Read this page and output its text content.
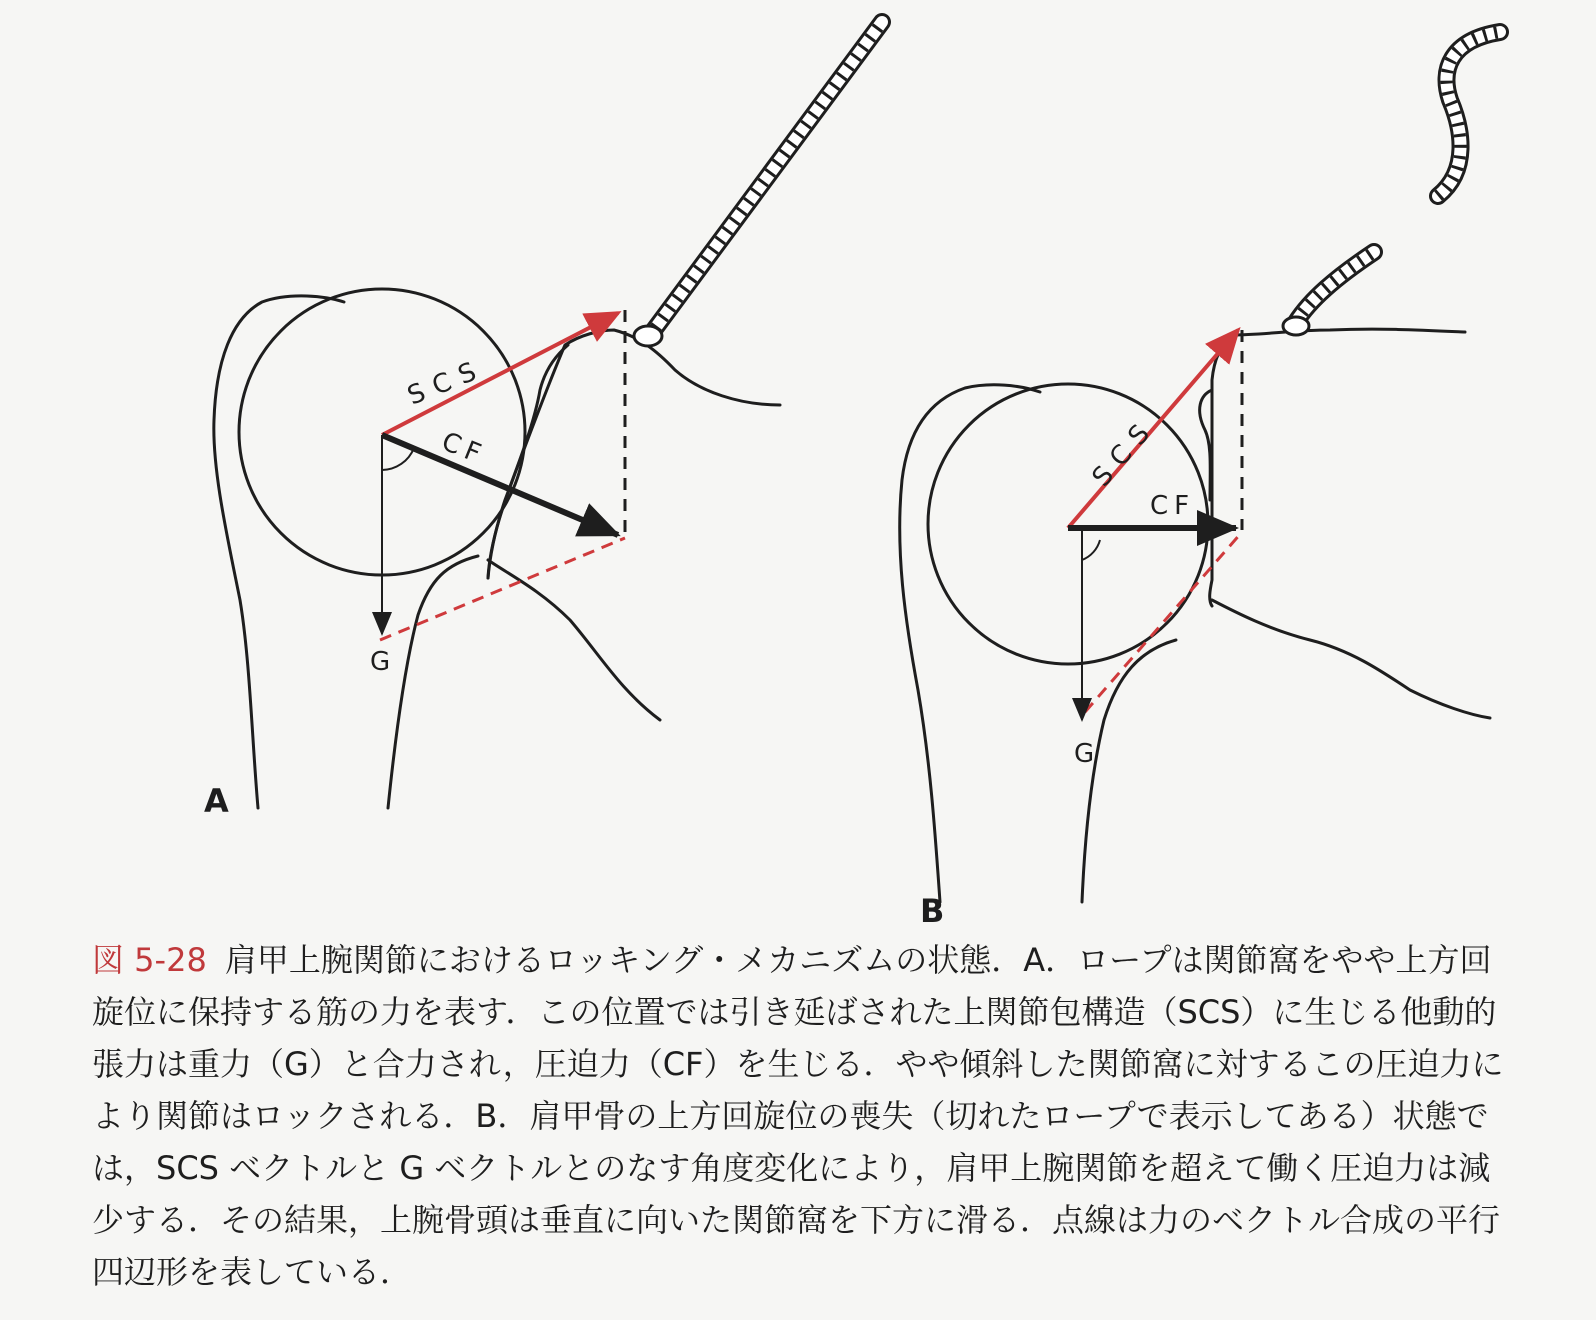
SCS
CF
G
A
SCS
CF
G
B
図 5-28 肩甲上腕関節におけるロッキング・メカニズムの状態．A．ロープは関節窩をやや上方回
旋位に保持する筋の力を表す．この位置では引き延ばされた上関節包構造（SCS）に生じる他動的
張力は重力（G）と合力され，圧迫力（CF）を生じる．やや傾斜した関節窩に対するこの圧迫力に
より関節はロックされる．B．肩甲骨の上方回旋位の喪失（切れたロープで表示してある）状態で
は，SCS ベクトルと G ベクトルとのなす角度変化により，肩甲上腕関節を超えて働く圧迫力は減
少する．その結果，上腕骨頭は垂直に向いた関節窩を下方に滑る．点線は力のベクトル合成の平行
四辺形を表している．
